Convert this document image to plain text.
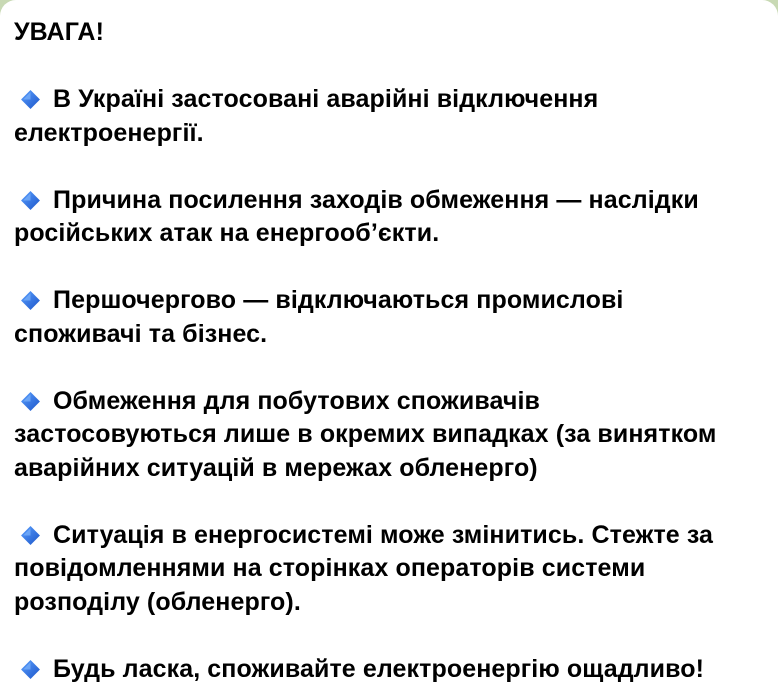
УВАГА!
В Україні застосовані аварійні відключення
електроенергії.
Причина посилення заходів обмеження — наслідки
російських атак на енергооб’єкти.
Першочергово — відключаються промислові
споживачі та бізнес.
Обмеження для побутових споживачів
застосовуються лише в окремих випадках (за винятком
аварійних ситуацій в мережах обленерго)
Ситуація в енергосистемі може змінитись. Стежте за
повідомленнями на сторінках операторів системи
розподілу (обленерго).
Будь ласка, споживайте електроенергію ощадливо!
